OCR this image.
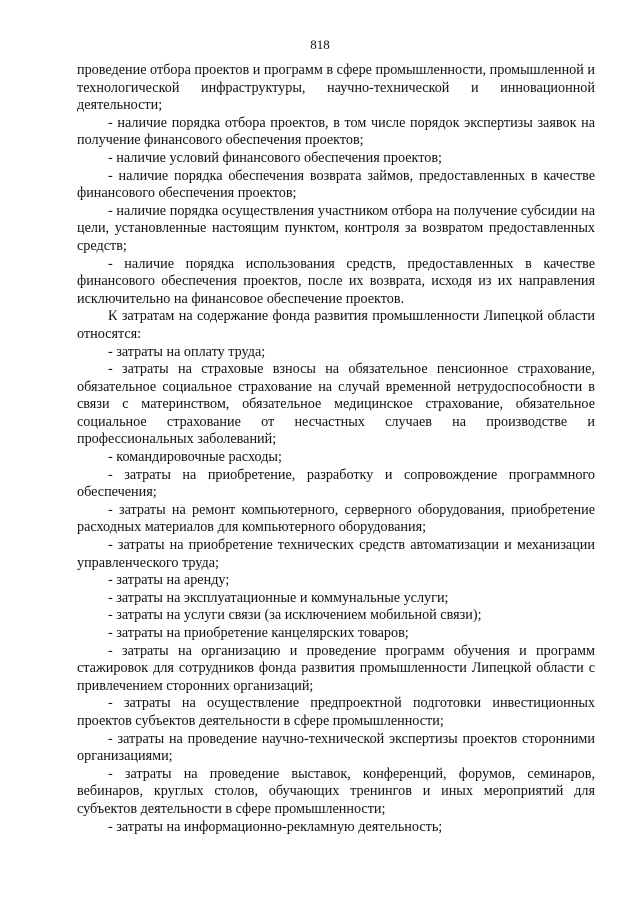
818

проведение отбора проектов и программ в сфере промышленности, промышленной и технологической инфраструктуры, научно-технической и инновационной деятельности;

- наличие порядка отбора проектов, в том числе порядок экспертизы заявок на получение финансового обеспечения проектов;

- наличие условий финансового обеспечения проектов;

- наличие порядка обеспечения возврата займов, предоставленных в качестве финансового обеспечения проектов;

- наличие порядка осуществления участником отбора на получение субсидии на цели, установленные настоящим пунктом, контроля за возвратом предоставленных средств;

- наличие порядка использования средств, предоставленных в качестве финансового обеспечения проектов, после их возврата, исходя из их направления исключительно на финансовое обеспечение проектов.

К затратам на содержание фонда развития промышленности Липецкой области относятся:

- затраты на оплату труда;

- затраты на страховые взносы на обязательное пенсионное страхование, обязательное социальное страхование на случай временной нетрудоспособности в связи с материнством, обязательное медицинское страхование, обязательное социальное страхование от несчастных случаев на производстве и профессиональных заболеваний;

- командировочные расходы;

- затраты на приобретение, разработку и сопровождение программного обеспечения;

- затраты на ремонт компьютерного, серверного оборудования, приобретение расходных материалов для компьютерного оборудования;

- затраты на приобретение технических средств автоматизации и механизации управленческого труда;

- затраты на аренду;

- затраты на эксплуатационные и коммунальные услуги;

- затраты на услуги связи (за исключением мобильной связи);

- затраты на приобретение канцелярских товаров;

- затраты на организацию и проведение программ обучения и программ стажировок для сотрудников фонда развития промышленности Липецкой области с привлечением сторонних организаций;

- затраты на осуществление предпроектной подготовки инвестиционных проектов субъектов деятельности в сфере промышленности;

- затраты на проведение научно-технической экспертизы проектов сторонними организациями;

- затраты на проведение выставок, конференций, форумов, семинаров, вебинаров, круглых столов, обучающих тренингов и иных мероприятий для субъектов деятельности в сфере промышленности;

- затраты на информационно-рекламную деятельность;
